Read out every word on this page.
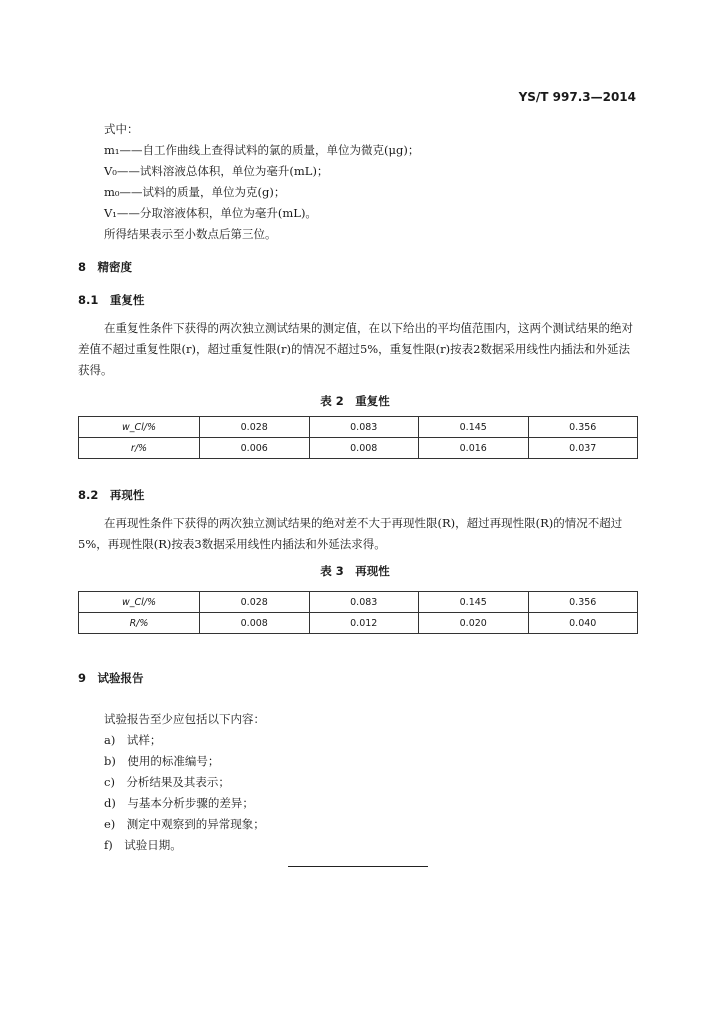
YS/T 997.3—2014
式中：
m₁——自工作曲线上查得试料的氯的质量，单位为微克(μg)；
V₀——试料溶液总体积，单位为毫升(mL)；
m₀——试料的质量，单位为克(g)；
V₁——分取溶液体积，单位为毫升(mL)。
所得结果表示至小数点后第三位。
8　精密度
8.1　重复性
在重复性条件下获得的两次独立测试结果的测定值，在以下给出的平均值范围内，这两个测试结果的绝对差值不超过重复性限(r)，超过重复性限(r)的情况不超过5%，重复性限(r)按表2数据采用线性内插法和外延法获得。
表 2　重复性
w_Cl/%	0.028	0.083	0.145	0.356
r/%	0.006	0.008	0.016	0.037
8.2　再现性
在再现性条件下获得的两次独立测试结果的绝对差不大于再现性限(R)，超过再现性限(R)的情况不超过5%，再现性限(R)按表3数据采用线性内插法和外延法求得。
表 3　再现性
w_Cl/%	0.028	0.083	0.145	0.356
R/%	0.008	0.012	0.020	0.040
9　试验报告
试验报告至少应包括以下内容：
a)　试样；
b)　使用的标准编号；
c)　分析结果及其表示；
d)　与基本分析步骤的差异；
e)　测定中观察到的异常现象；
f)　试验日期。
